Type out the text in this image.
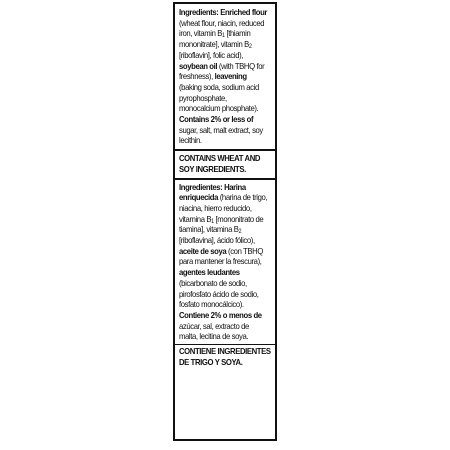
Ingredients: Enriched flour
(wheat flour, niacin, reduced
iron, vitamin B1 [thiamin
mononitrate], vitamin B2
[riboflavin], folic acid),
soybean oil (with TBHQ for
freshness), leavening
(baking soda, sodium acid
pyrophosphate,
monocalcium phosphate).
Contains 2% or less of
sugar, salt, malt extract, soy
lecithin.
CONTAINS WHEAT AND
SOY INGREDIENTS.
Ingredientes: Harina
enriquecida (harina de trigo,
niacina, hierro reducido,
vitamina B1 [mononitrato de
tiamina], vitamina B2
[riboflavina], ácido fólico),
aceite de soya (con TBHQ
para mantener la frescura),
agentes leudantes
(bicarbonato de sodio,
pirofosfato ácido de sodio,
fosfato monocálcico).
Contiene 2% o menos de
azúcar, sal, extracto de
malta, lecitina de soya.
CONTIENE INGREDIENTES
DE TRIGO Y SOYA.
